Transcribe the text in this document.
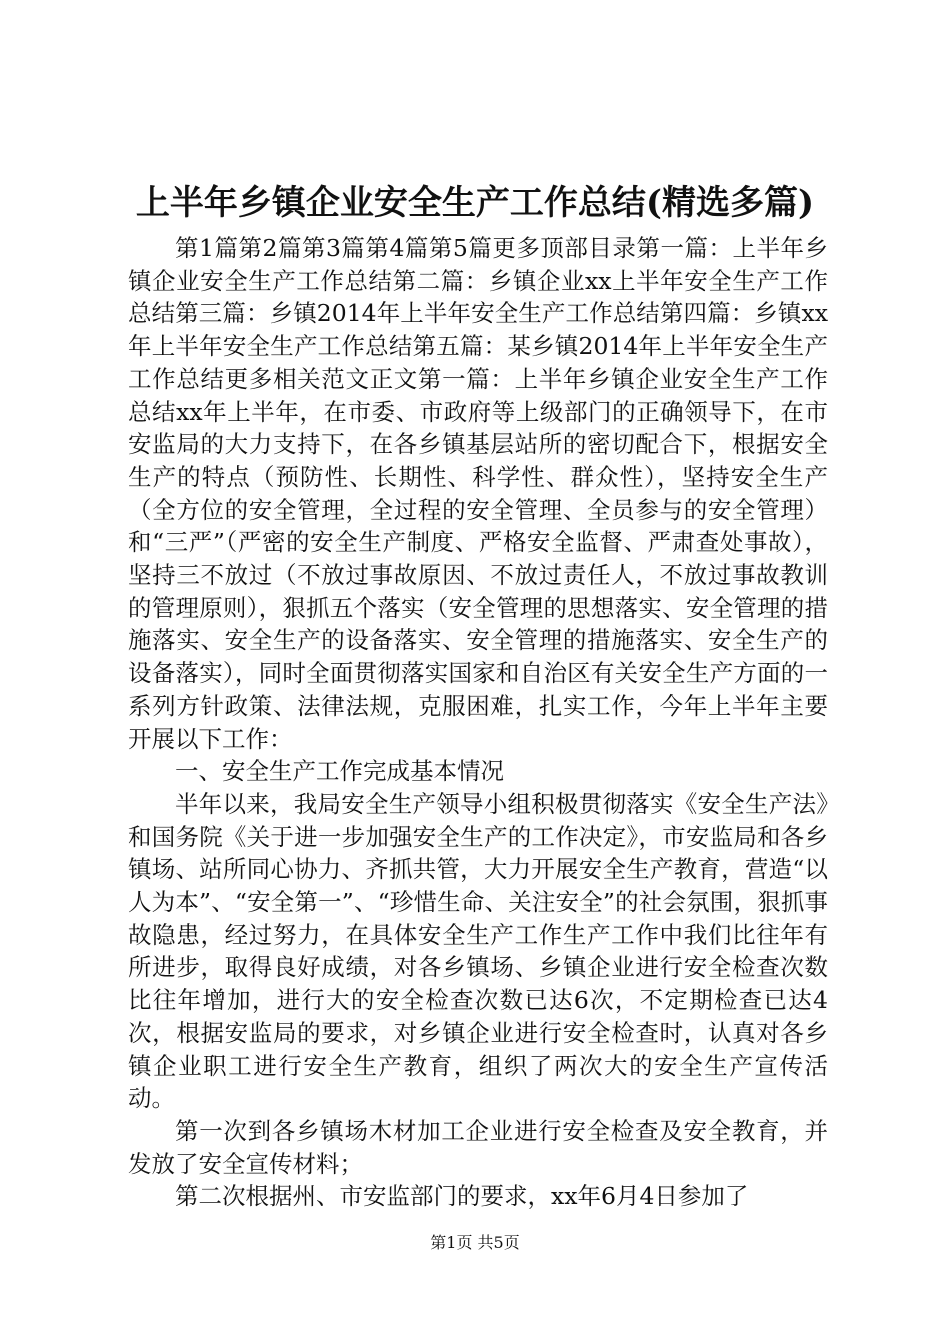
上半年乡镇企业安全生产工作总结(精选多篇)

第1篇第2篇第3篇第4篇第5篇更多顶部目录第一篇：上半年乡镇企业安全生产工作总结第二篇：乡镇企业xx上半年安全生产工作总结第三篇：乡镇2014年上半年安全生产工作总结第四篇：乡镇xx年上半年安全生产工作总结第五篇：某乡镇2014年上半年安全生产工作总结更多相关范文正文第一篇：上半年乡镇企业安全生产工作总结xx年上半年，在市委、市政府等上级部门的正确领导下，在市安监局的大力支持下，在各乡镇基层站所的密切配合下，根据安全生产的特点（预防性、长期性、科学性、群众性），坚持安全生产（全方位的安全管理，全过程的安全管理、全员参与的安全管理）和“三严”（严密的安全生产制度、严格安全监督、严肃查处事故），坚持三不放过（不放过事故原因、不放过责任人，不放过事故教训的管理原则），狠抓五个落实（安全管理的思想落实、安全管理的措施落实、安全生产的设备落实、安全管理的措施落实、安全生产的设备落实），同时全面贯彻落实国家和自治区有关安全生产方面的一系列方针政策、法律法规，克服困难，扎实工作，今年上半年主要开展以下工作：

一、安全生产工作完成基本情况

半年以来，我局安全生产领导小组积极贯彻落实《安全生产法》和国务院《关于进一步加强安全生产的工作决定》，市安监局和各乡镇场、站所同心协力、齐抓共管，大力开展安全生产教育，营造“以人为本”、“安全第一”、“珍惜生命、关注安全”的社会氛围，狠抓事故隐患，经过努力，在具体安全生产工作生产工作中我们比往年有所进步，取得良好成绩，对各乡镇场、乡镇企业进行安全检查次数比往年增加，进行大的安全检查次数已达6次，不定期检查已达4次，根据安监局的要求，对乡镇企业进行安全检查时，认真对各乡镇企业职工进行安全生产教育，组织了两次大的安全生产宣传活动。

第一次到各乡镇场木材加工企业进行安全检查及安全教育，并发放了安全宣传材料；

第二次根据州、市安监部门的要求，xx年6月4日参加了

第1页 共5页
